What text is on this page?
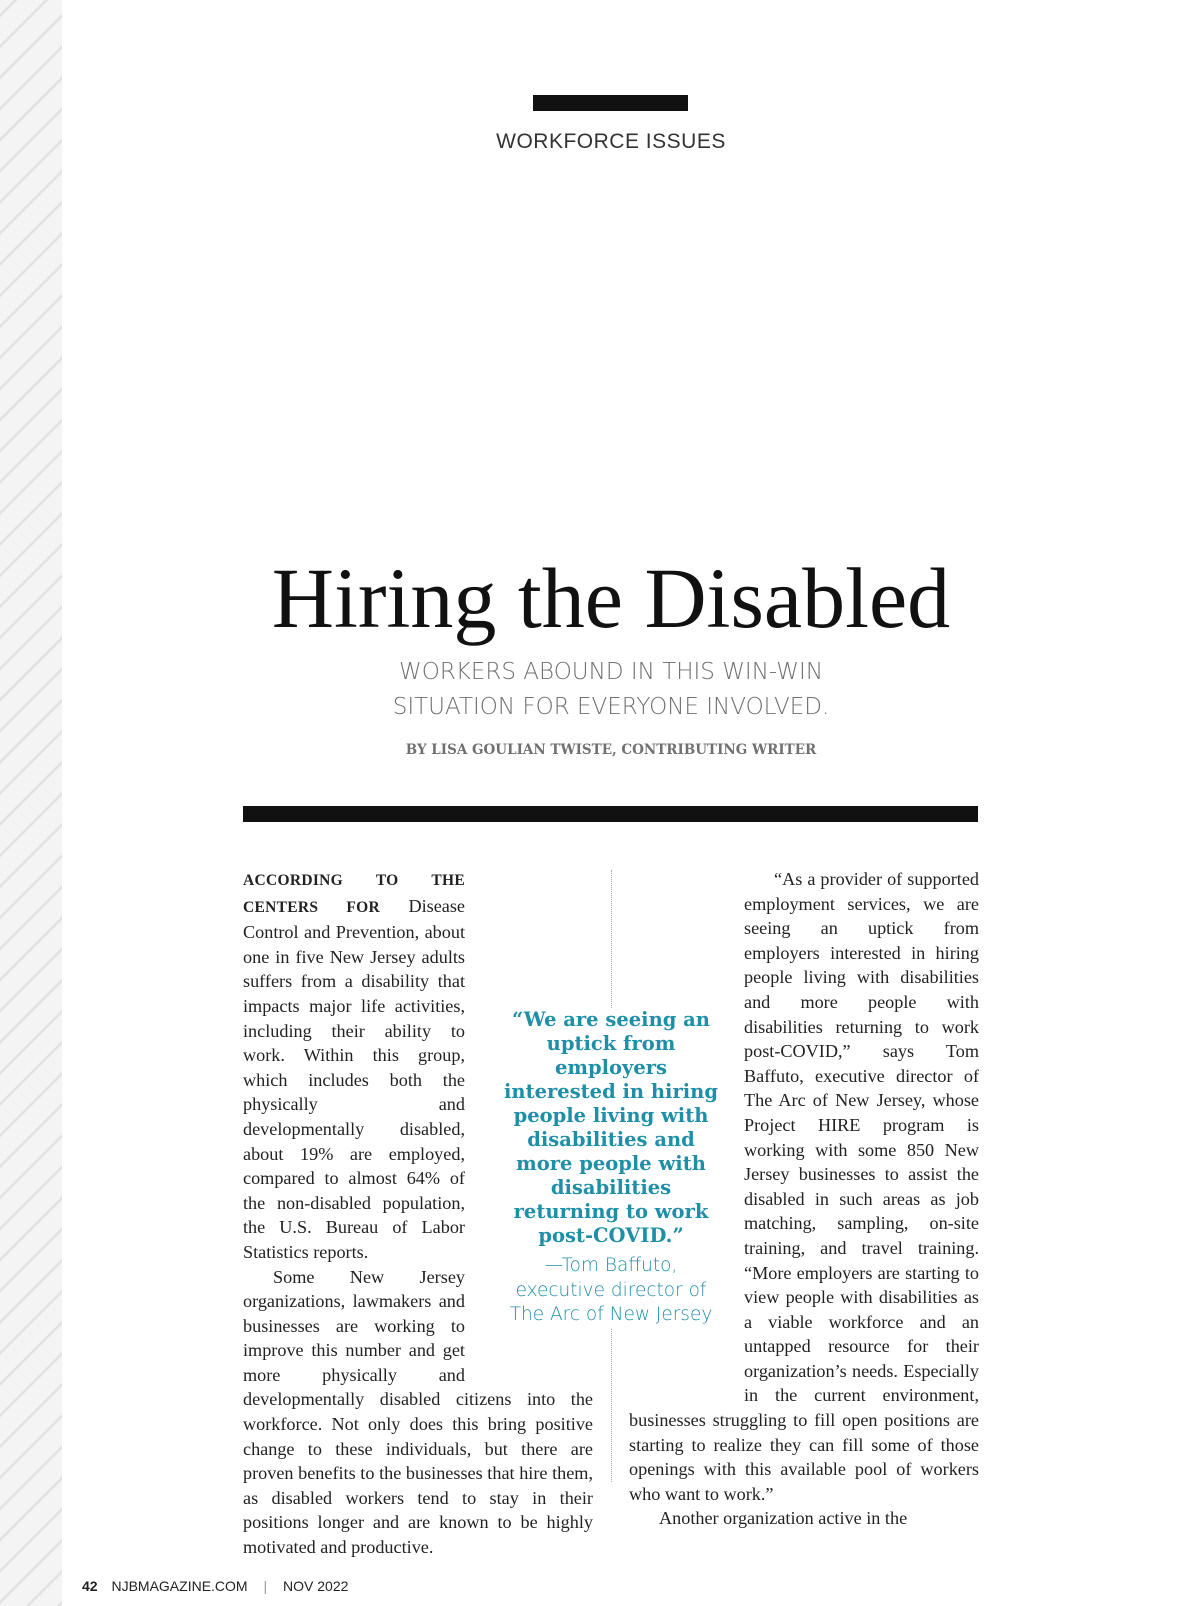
WORKFORCE ISSUES
Hiring the Disabled
WORKERS ABOUND IN THIS WIN-WIN
SITUATION FOR EVERYONE INVOLVED.
BY LISA GOULIAN TWISTE, CONTRIBUTING WRITER

ACCORDING TO THE CENTERS FOR Disease Control and Prevention, about one in five New Jersey adults suffers from a disability that impacts major life activities, including their ability to work. Within this group, which includes both the physically and developmentally disabled, about 19% are employed, compared to almost 64% of the non-disabled population, the U.S. Bureau of Labor Statistics reports.

Some New Jersey organizations, lawmakers and businesses are working to improve this number and get more physically and developmentally disabled citizens into the workforce. Not only does this bring positive change to these individuals, but there are proven benefits to the businesses that hire them, as disabled workers tend to stay in their positions longer and are known to be highly motivated and productive.

“As a provider of supported employment services, we are seeing an uptick from employers interested in hiring people living with disabilities and more people with disabilities returning to work post-COVID,” says Tom Baffuto, executive director of The Arc of New Jersey, whose Project HIRE program is working with some 850 New Jersey businesses to assist the disabled in such areas as job matching, sampling, on-site training, and travel training. “More employers are starting to view people with disabilities as a viable workforce and an untapped resource for their organization’s needs. Especially in the current environment, businesses struggling to fill open positions are starting to realize they can fill some of those openings with this available pool of workers who want to work.”

Another organization active in the

“We are seeing an uptick from employers interested in hiring people living with disabilities and more people with disabilities returning to work post-COVID.”
—Tom Baffuto, executive director of The Arc of New Jersey
42 NJBMAGAZINE.COM | NOV 2022
